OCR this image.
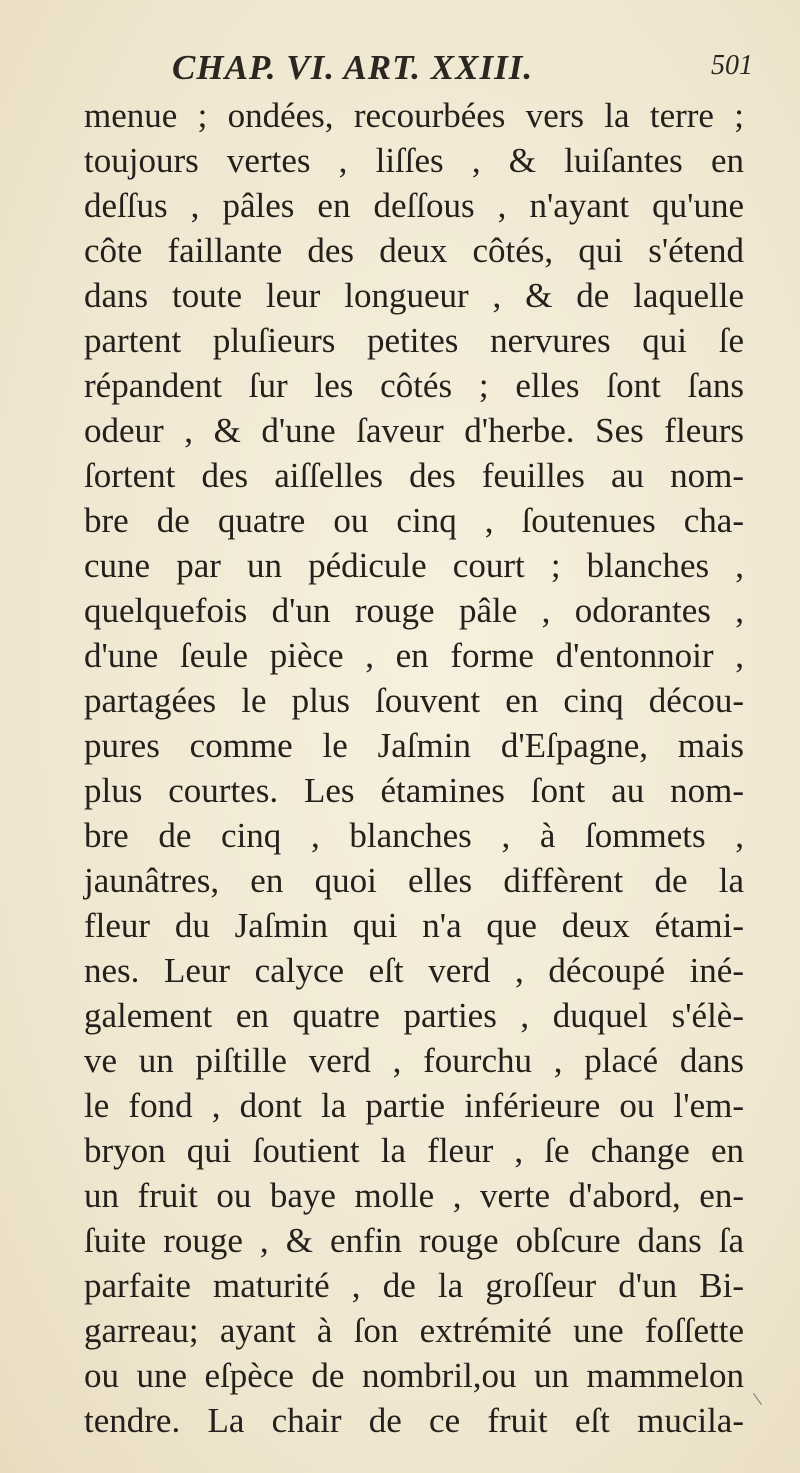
CHAP. VI. ART. XXIII.	501
menue ; ondées, recourbées vers la terre ;
toujours vertes , liſſes , & luiſantes en
deſſus , pâles en deſſous , n'ayant qu'une
côte faillante des deux côtés, qui s'étend
dans toute leur longueur , & de laquelle
partent pluſieurs petites nervures qui ſe
répandent ſur les côtés ; elles ſont ſans
odeur , & d'une ſaveur d'herbe. Ses fleurs
ſortent des aiſſelles des feuilles au nom-
bre de quatre ou cinq , ſoutenues cha-
cune par un pédicule court ; blanches ,
quelquefois d'un rouge pâle , odorantes ,
d'une ſeule pièce , en forme d'entonnoir ,
partagées le plus ſouvent en cinq décou-
pures comme le Jaſmin d'Eſpagne, mais
plus courtes. Les étamines ſont au nom-
bre de cinq , blanches , à ſommets ,
jaunâtres, en quoi elles diffèrent de la
fleur du Jaſmin qui n'a que deux étami-
nes. Leur calyce eſt verd , découpé iné-
galement en quatre parties , duquel s'élè-
ve un piſtille verd , fourchu , placé dans
le fond , dont la partie inférieure ou l'em-
bryon qui ſoutient la fleur , ſe change en
un fruit ou baye molle , verte d'abord, en-
ſuite rouge , & enfin rouge obſcure dans ſa
parfaite maturité , de la groſſeur d'un Bi-
garreau; ayant à ſon extrémité une foſſette
ou une eſpèce de nombril,ou un mammelon
tendre. La chair de ce fruit eſt mucila-
